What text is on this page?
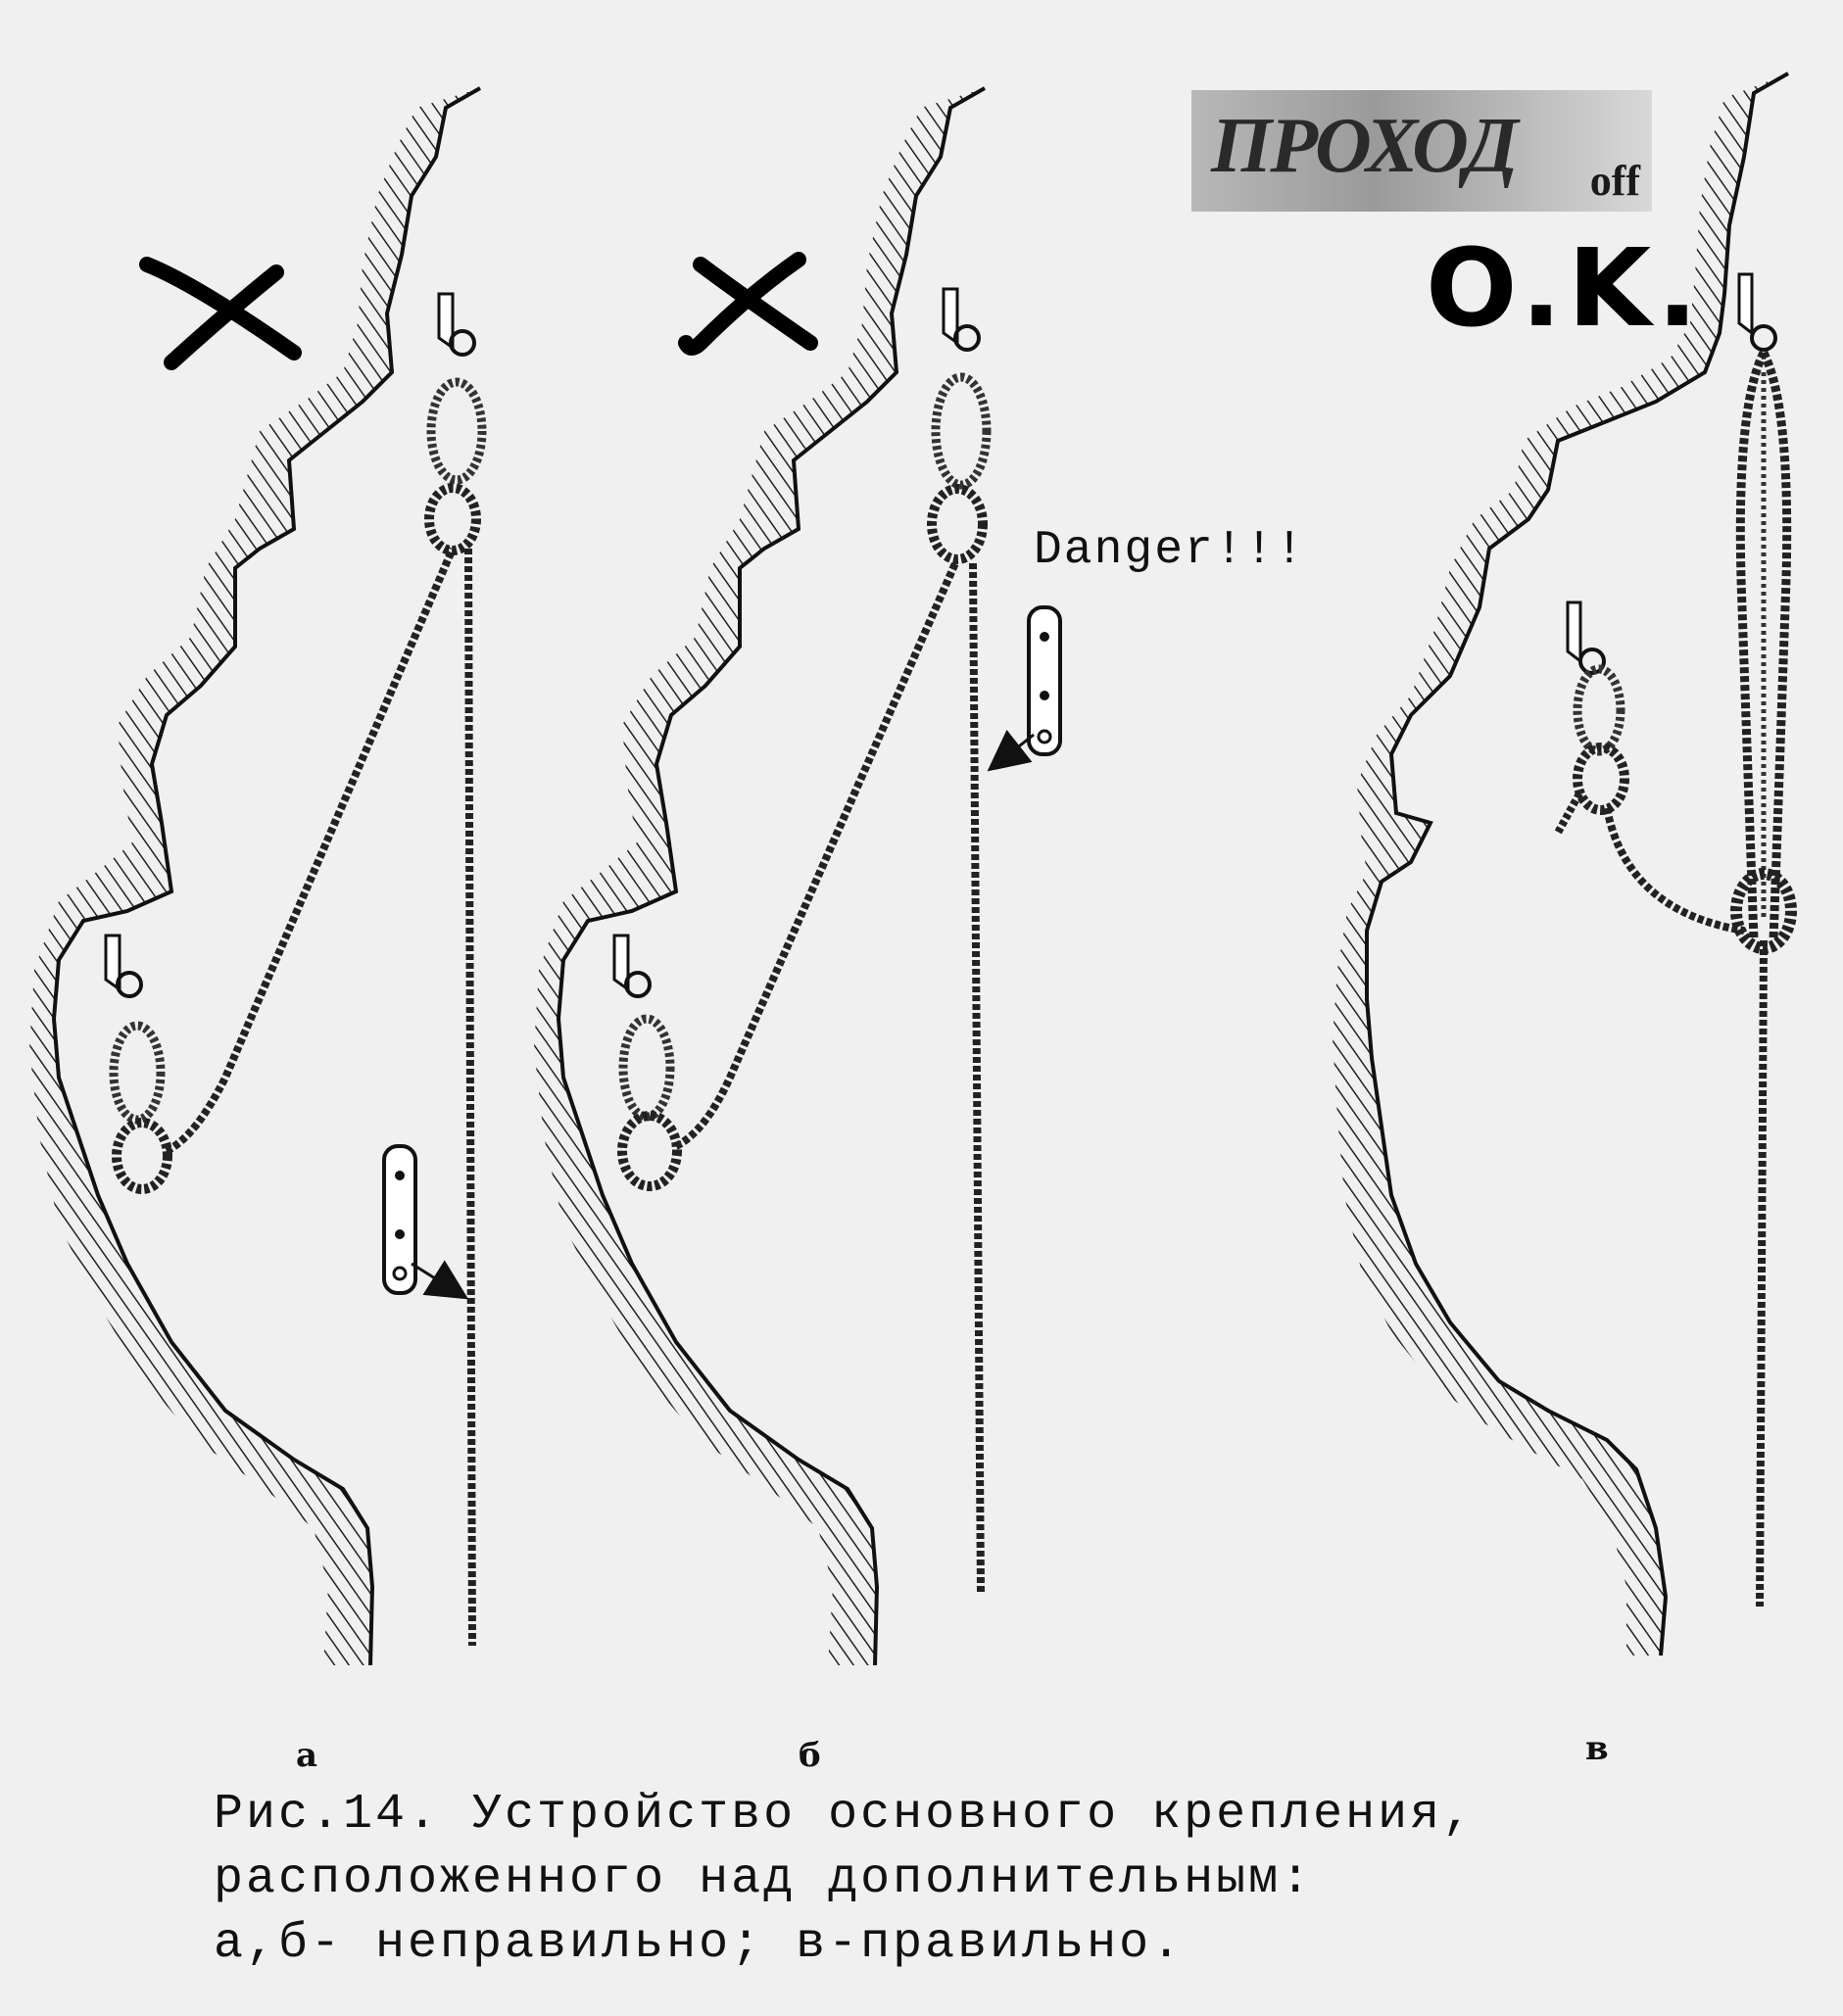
а	б	в
ПРОХОД off
O.K.
Danger!!!
Рис.14. Устройство основного крепления,
расположенного над дополнительным:
а,б- неправильно; в-правильно.
